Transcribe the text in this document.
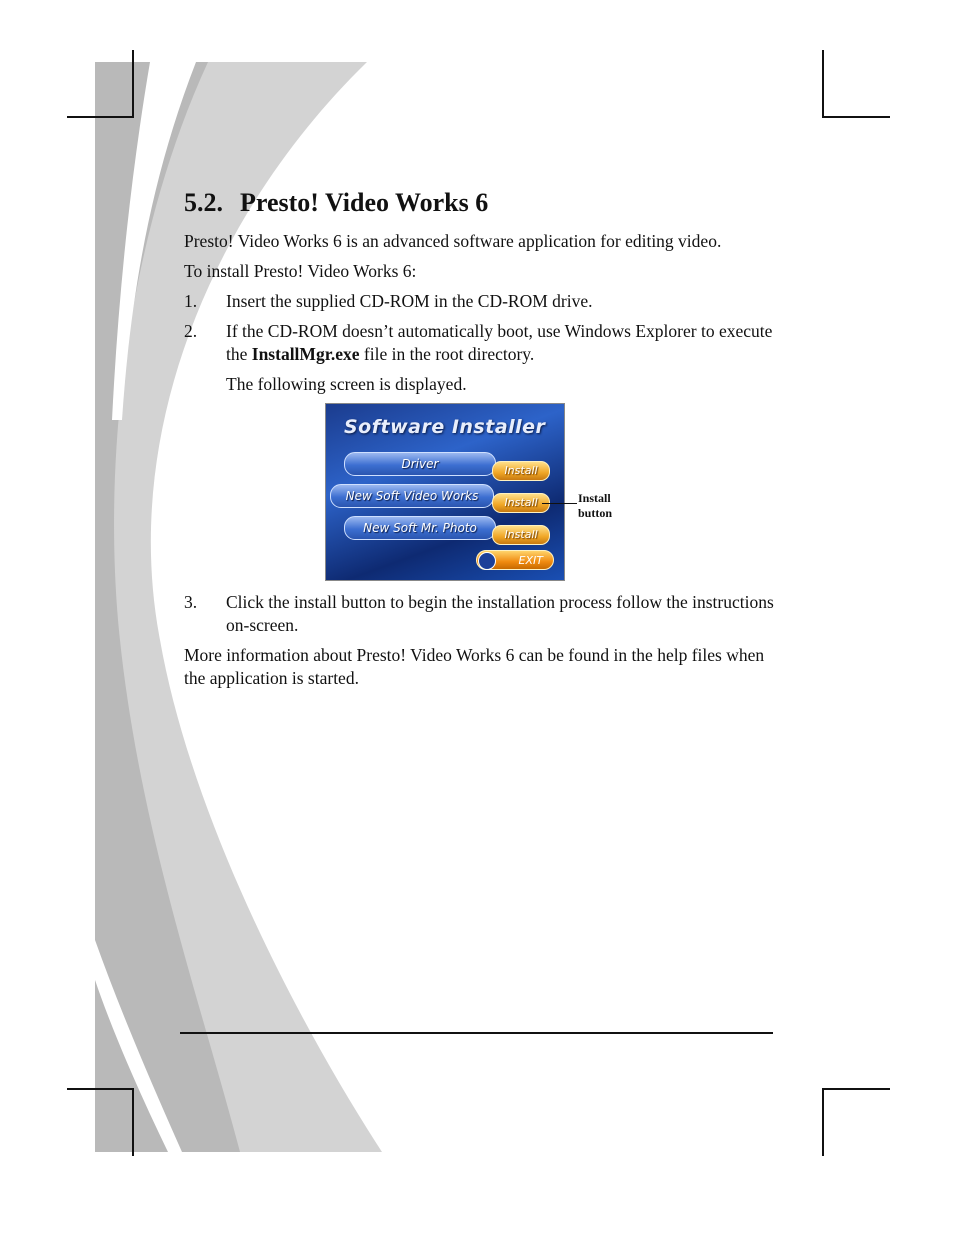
5.2. Presto! Video Works 6

Presto! Video Works 6 is an advanced software application for editing video.

To install Presto! Video Works 6:

1. Insert the supplied CD-ROM in the CD-ROM drive.
2. If the CD-ROM doesn’t automatically boot, use Windows Explorer to execute the InstallMgr.exe file in the root directory.

The following screen is displayed.

Software Installer
Driver	Install
New Soft Video Works	Install
New Soft Mr. Photo	Install
EXIT
Install
button
3. Click the install button to begin the installation process follow the instructions on-screen.

More information about Presto! Video Works 6 can be found in the help files when the application is started.
